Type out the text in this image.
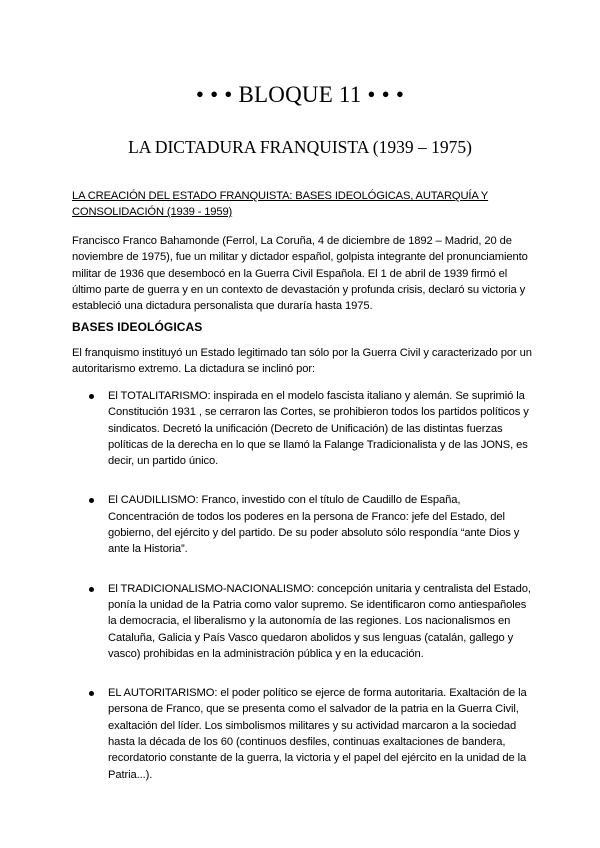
• • • BLOQUE 11 • • •
LA DICTADURA FRANQUISTA (1939 – 1975)
LA CREACIÓN DEL ESTADO FRANQUISTA: BASES IDEOLÓGICAS, AUTARQUÍA Y CONSOLIDACIÓN (1939 - 1959)
Francisco Franco Bahamonde (Ferrol, La Coruña, 4 de diciembre de 1892 – Madrid, 20 de noviembre de 1975), fue un militar y dictador español, golpista integrante del pronunciamiento militar de 1936 que desembocó en la Guerra Civil Española. El 1 de abril de 1939 firmó el último parte de guerra y en un contexto de devastación y profunda crisis, declaró su victoria y estableció una dictadura personalista que duraría hasta 1975.
BASES IDEOLÓGICAS
El franquismo instituyó un Estado legitimado tan sólo por la Guerra Civil y caracterizado por un autoritarismo extremo. La dictadura se inclinó por:
El TOTALITARISMO: inspirada en el modelo fascista italiano y alemán. Se suprimió la Constitución 1931 , se cerraron las Cortes, se prohibieron todos los partidos políticos y sindicatos. Decretó la unificación (Decreto de Unificación) de las distintas fuerzas políticas de la derecha en lo que se llamó la Falange Tradicionalista y de las JONS, es decir, un partido único.
El CAUDILLISMO: Franco, investido con el título de Caudillo de España, Concentración de todos los poderes en la persona de Franco: jefe del Estado, del gobierno, del ejército y del partido. De su poder absoluto sólo respondía “ante Dios y ante la Historia”.
El TRADICIONALISMO-NACIONALISMO: concepción unitaria y centralista del Estado, ponía la unidad de la Patria como valor supremo. Se identificaron como antiespañoles la democracia, el liberalismo y la autonomía de las regiones. Los nacionalismos en Cataluña, Galicia y País Vasco quedaron abolidos y sus lenguas (catalán, gallego y vasco) prohibidas en la administración pública y en la educación.
EL AUTORITARISMO: el poder político se ejerce de forma autoritaria. Exaltación de la persona de Franco, que se presenta como el salvador de la patria en la Guerra Civil, exaltación del líder. Los simbolismos militares y su actividad marcaron a la sociedad hasta la década de los 60 (continuos desfiles, continuas exaltaciones de bandera, recordatorio constante de la guerra, la victoria y el papel del ejército en la unidad de la Patria...).
